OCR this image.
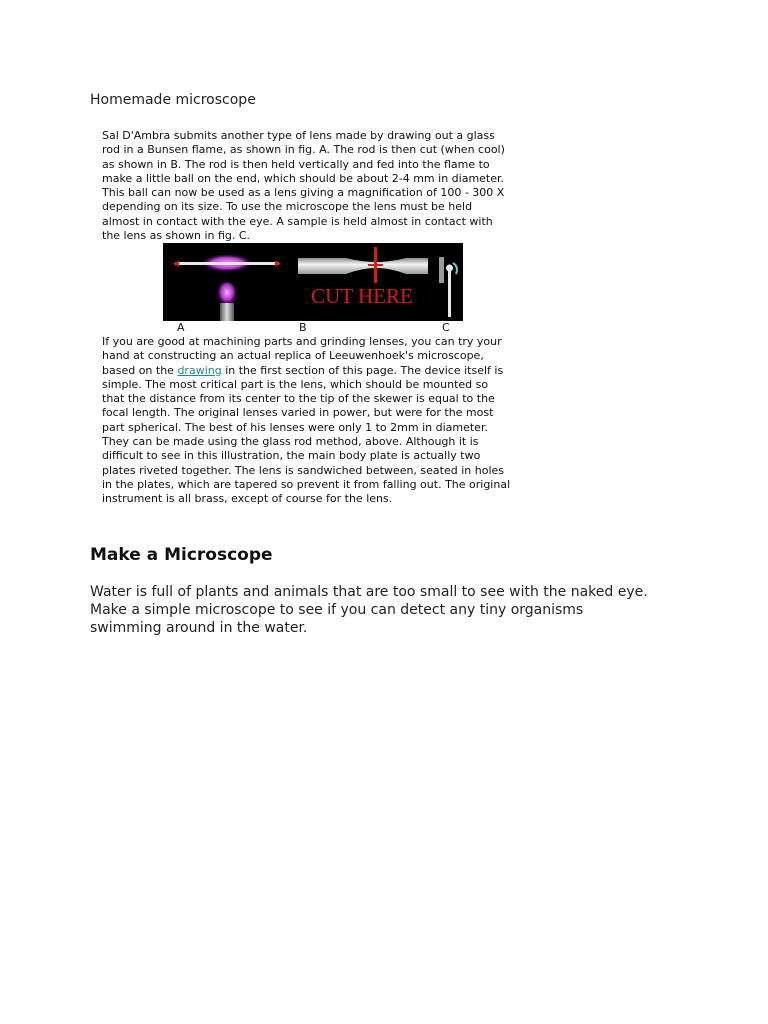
Homemade microscope
Sal D'Ambra submits another type of lens made by drawing out a glass
rod in a Bunsen flame, as shown in fig. A. The rod is then cut (when cool)
as shown in B. The rod is then held vertically and fed into the flame to
make a little ball on the end, which should be about 2-4 mm in diameter.
This ball can now be used as a lens giving a magnification of 100 - 300 X
depending on its size. To use the microscope the lens must be held
almost in contact with the eye. A sample is held almost in contact with
the lens as shown in fig. C.
CUT HERE
A	B	C
If you are good at machining parts and grinding lenses, you can try your
hand at constructing an actual replica of Leeuwenhoek's microscope,
based on the drawing in the first section of this page. The device itself is
simple. The most critical part is the lens, which should be mounted so
that the distance from its center to the tip of the skewer is equal to the
focal length. The original lenses varied in power, but were for the most
part spherical. The best of his lenses were only 1 to 2mm in diameter.
They can be made using the glass rod method, above. Although it is
difficult to see in this illustration, the main body plate is actually two
plates riveted together. The lens is sandwiched between, seated in holes
in the plates, which are tapered so prevent it from falling out. The original
instrument is all brass, except of course for the lens.
Make a Microscope
Water is full of plants and animals that are too small to see with the naked eye.
Make a simple microscope to see if you can detect any tiny organisms
swimming around in the water.
